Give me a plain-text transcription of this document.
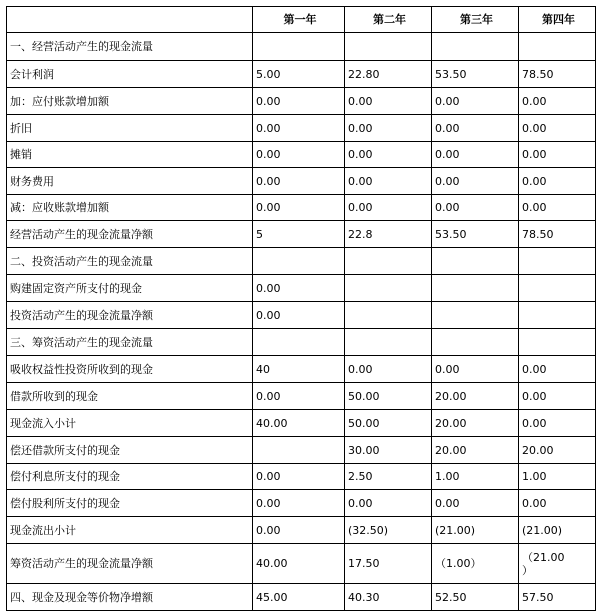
	第一年	第二年	第三年	第四年
一、经营活动产生的现金流量				
会计利润	5.00	22.80	53.50	78.50
加：应付账款增加额	0.00	0.00	0.00	0.00
折旧	0.00	0.00	0.00	0.00
摊销	0.00	0.00	0.00	0.00
财务费用	0.00	0.00	0.00	0.00
减：应收账款增加额	0.00	0.00	0.00	0.00
经营活动产生的现金流量净额	5	22.8	53.50	78.50
二、投资活动产生的现金流量				
购建固定资产所支付的现金	0.00			
投资活动产生的现金流量净额	0.00			
三、筹资活动产生的现金流量				
吸收权益性投资所收到的现金	40	0.00	0.00	0.00
借款所收到的现金	0.00	50.00	20.00	0.00
现金流入小计	40.00	50.00	20.00	0.00
偿还借款所支付的现金		30.00	20.00	20.00
偿付利息所支付的现金	0.00	2.50	1.00	1.00
偿付股利所支付的现金	0.00	0.00	0.00	0.00
现金流出小计	0.00	(32.50)	(21.00)	(21.00)
筹资活动产生的现金流量净额	40.00	17.50	（1.00）	（21.00
）
四、现金及现金等价物净增额	45.00	40.30	52.50	57.50
